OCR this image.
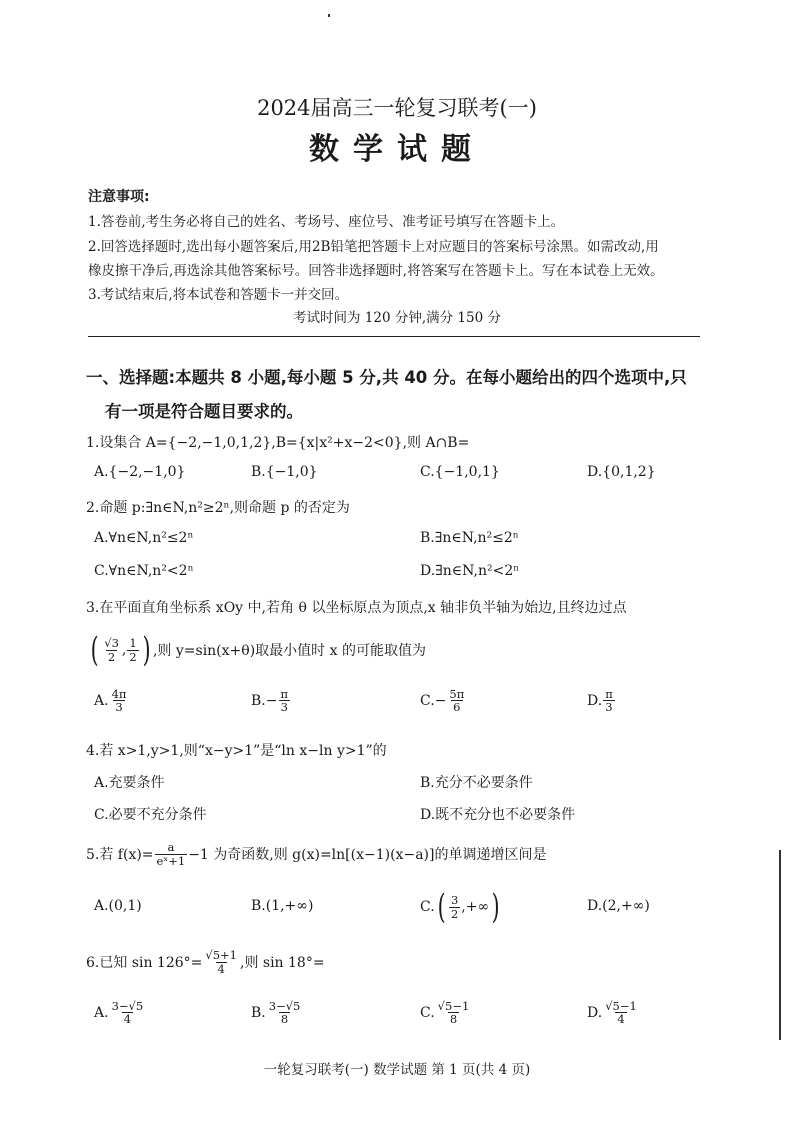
2024届高三一轮复习联考(一)
数学试题
注意事项:
1.答卷前,考生务必将自己的姓名、考场号、座位号、准考证号填写在答题卡上。
2.回答选择题时,选出每小题答案后,用2B铅笔把答题卡上对应题目的答案标号涂黑。如需改动,用
橡皮擦干净后,再选涂其他答案标号。回答非选择题时,将答案写在答题卡上。写在本试卷上无效。
3.考试结束后,将本试卷和答题卡一并交回。
考试时间为 120 分钟,满分 150 分
一、选择题:本题共 8 小题,每小题 5 分,共 40 分。在每小题给出的四个选项中,只
有一项是符合题目要求的。
1.设集合 A={−2,−1,0,1,2},B={x|x²+x−2<0},则 A∩B=
A.{−2,−1,0}	B.{−1,0}	C.{−1,0,1}	D.{0,1,2}
2.命题 p:∃n∈N,n²≥2ⁿ,则命题 p 的否定为
A.∀n∈N,n²≤2ⁿ	B.∃n∈N,n²≤2ⁿ
C.∀n∈N,n²<2ⁿ	D.∃n∈N,n²<2ⁿ
3.在平面直角坐标系 xOy 中,若角 θ 以坐标原点为顶点,x 轴非负半轴为始边,且终边过点
( $\frac{√3}{2}$ , $\frac{1}{2}$ ) ,则 y=sin(x+θ)取最小值时 x 的可能取值为
A. $\frac{4\pi}{3}$	$B.- \frac{\pi}{3}$	$C.- \frac{5\pi}{6}$	D. $\frac{\pi}{3}$
4.若 x>1,y>1,则“x−y>1”是“ln x−ln y>1”的
A.充要条件	B.充分不必要条件
C.必要不充分条件	D.既不充分也不必要条件
5.若 $f(x)= \frac{a}{\text{eˣ+1}} -1$ 为奇函数,则 g(x)=ln[(x−1)(x−a)]的单调递增区间是
A.(0,1)	B.(1,+∞)	C. ( $\frac{3}{2}$ ,+∞ )	D.(2,+∞)
6.已知 $\sin 126^\circ= \frac{√5+1}{4}$ ,则 sin 18°=
A. $\frac{3-√5}{4}$	B. $\frac{3-√5}{8}$	C. $\frac{√5-1}{8}$	D. $\frac{√5-1}{4}$
一轮复习联考(一) 数学试题 第 1 页(共 4 页)
